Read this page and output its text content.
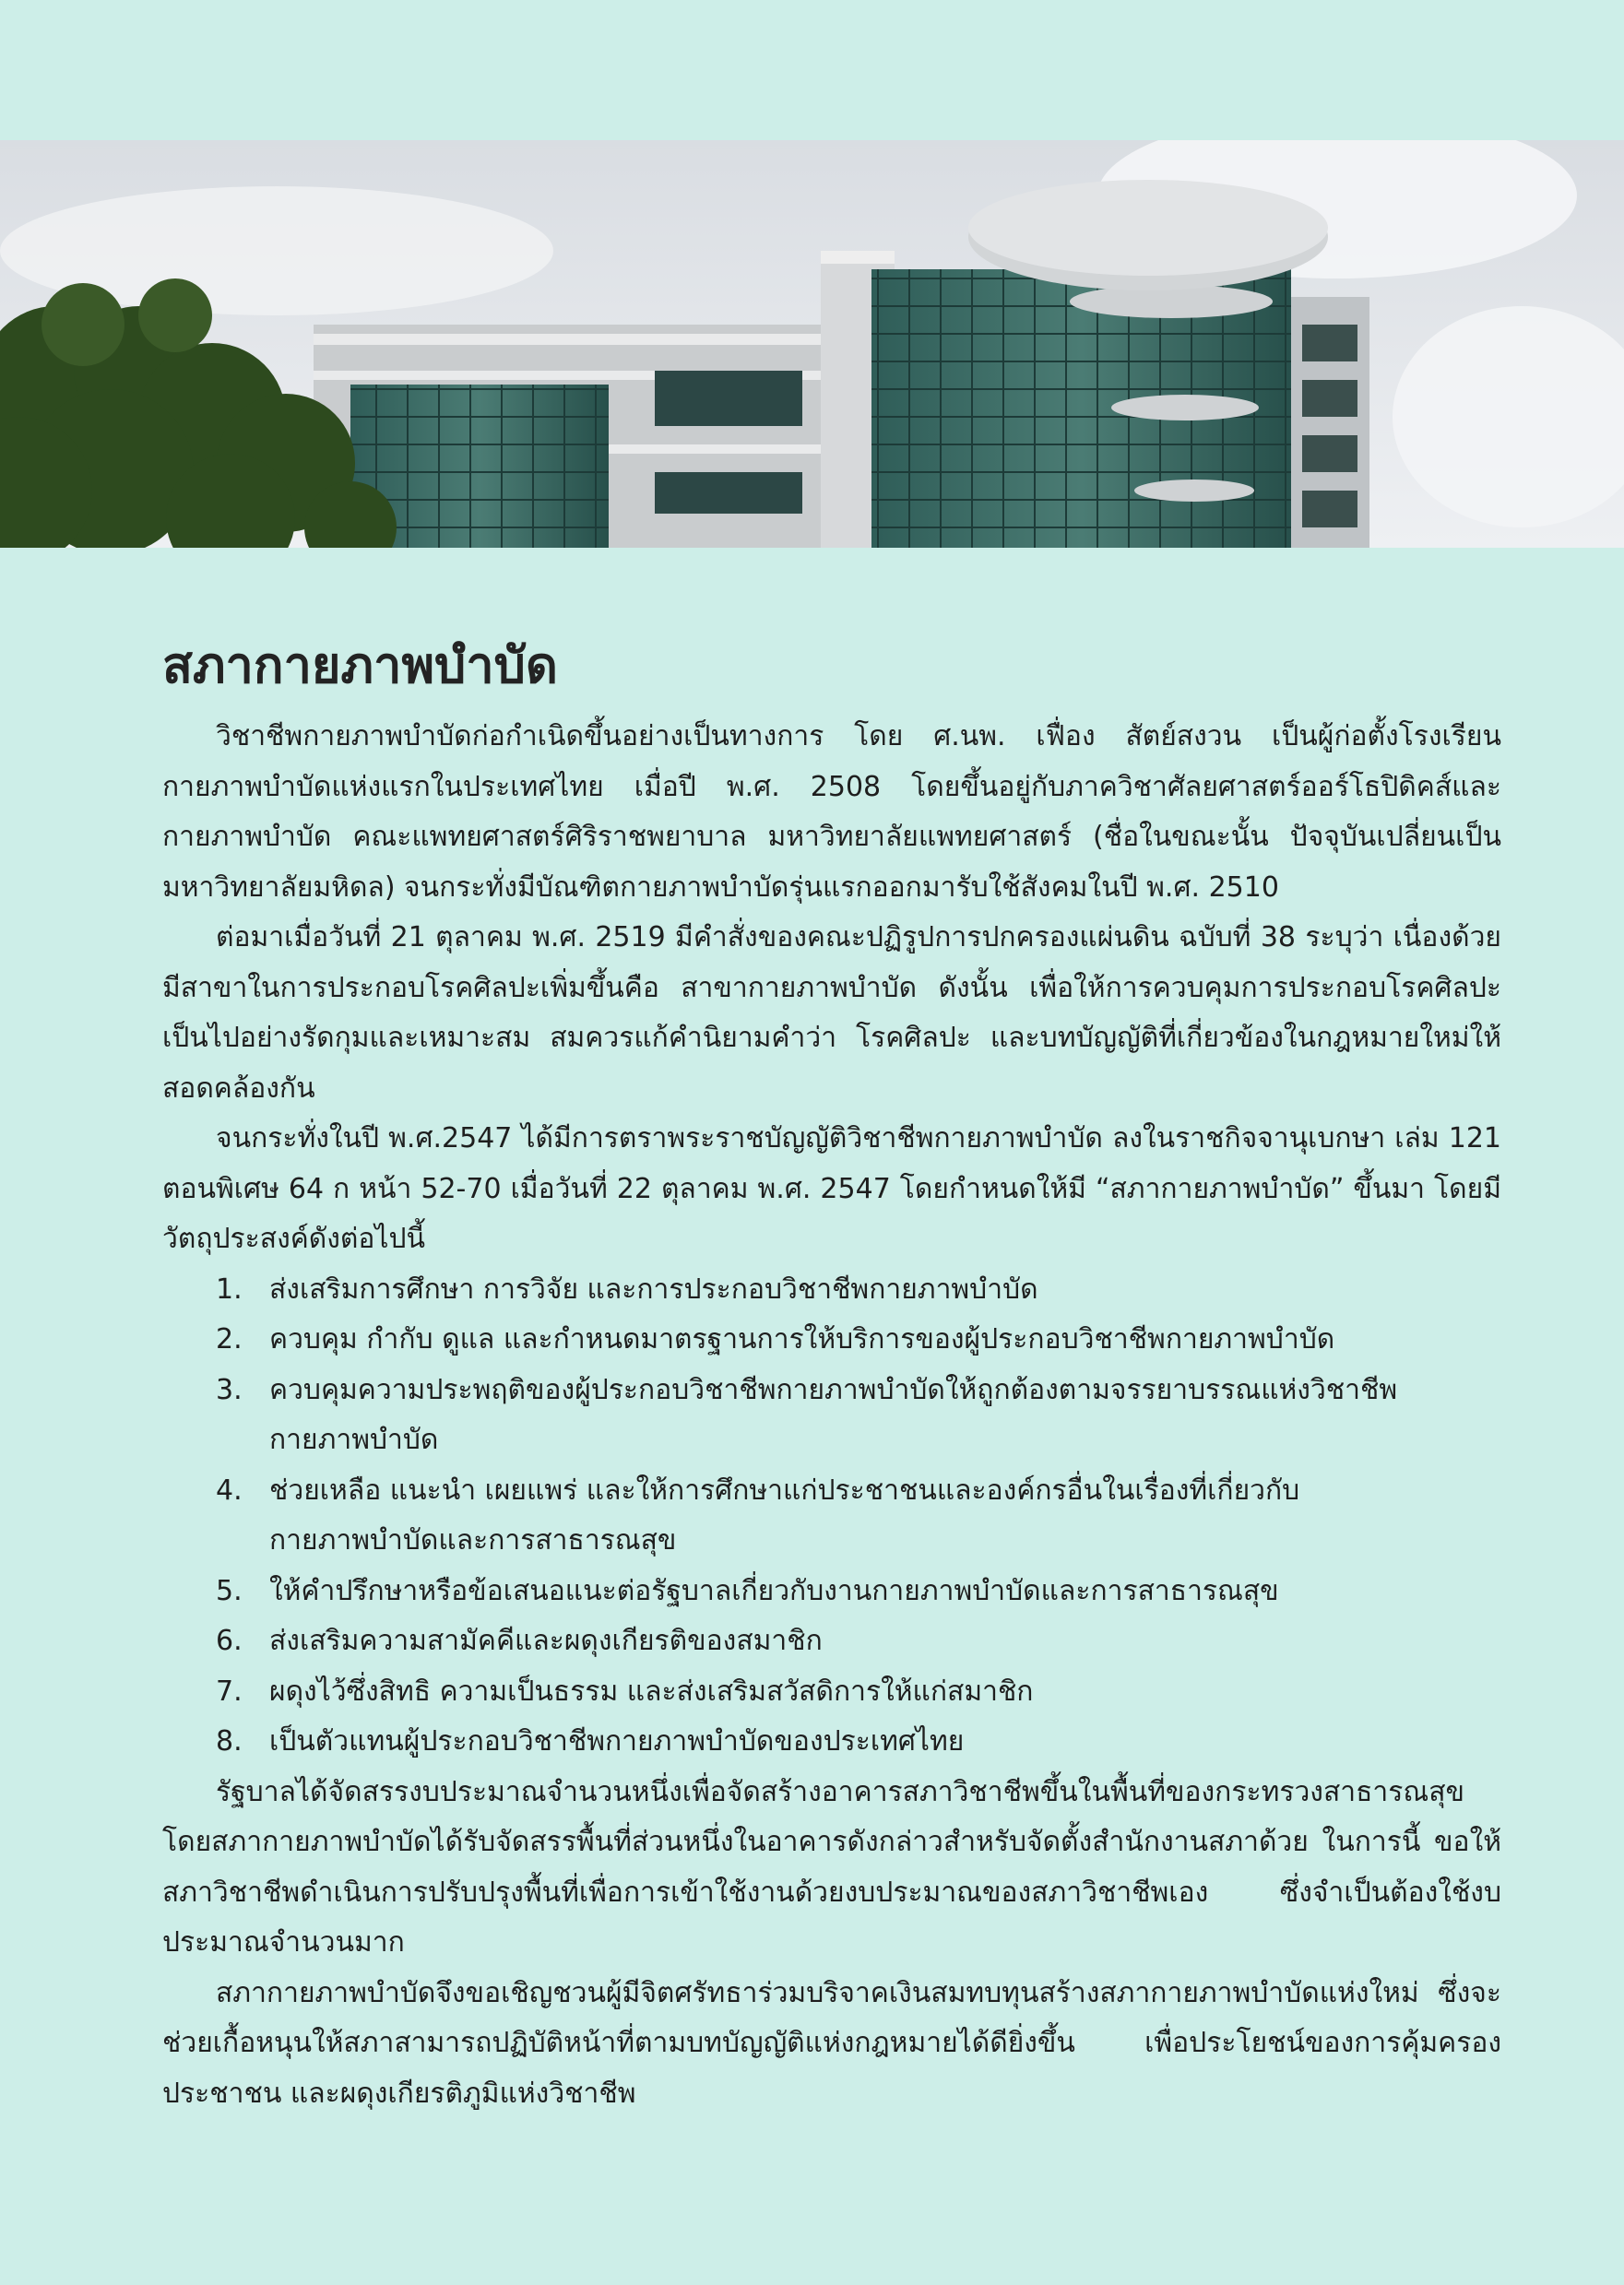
สภากายภาพบำบัด

วิชาชีพกายภาพบำบัดก่อกำเนิดขึ้นอย่างเป็นทางการ โดย ศ.นพ. เฟื่อง สัตย์สงวน เป็นผู้ก่อตั้งโรงเรียนกายภาพบำบัดแห่งแรกในประเทศไทย เมื่อปี พ.ศ. 2508 โดยขึ้นอยู่กับภาควิชาศัลยศาสตร์ออร์โธปิดิคส์และกายภาพบำบัด คณะแพทยศาสตร์ศิริราชพยาบาล มหาวิทยาลัยแพทยศาสตร์ (ชื่อในขณะนั้น ปัจจุบันเปลี่ยนเป็นมหาวิทยาลัยมหิดล) จนกระทั่งมีบัณฑิตกายภาพบำบัดรุ่นแรกออกมารับใช้สังคมในปี พ.ศ. 2510

ต่อมาเมื่อวันที่ 21 ตุลาคม พ.ศ. 2519 มีคำสั่งของคณะปฏิรูปการปกครองแผ่นดิน ฉบับที่ 38 ระบุว่า เนื่องด้วยมีสาขาในการประกอบโรคศิลปะเพิ่มขึ้นคือ สาขากายภาพบำบัด ดังนั้น เพื่อให้การควบคุมการประกอบโรคศิลปะเป็นไปอย่างรัดกุมและเหมาะสม สมควรแก้คำนิยามคำว่า โรคศิลปะ และบทบัญญัติที่เกี่ยวข้องในกฎหมายใหม่ให้สอดคล้องกัน

จนกระทั่งในปี พ.ศ.2547 ได้มีการตราพระราชบัญญัติวิชาชีพกายภาพบำบัด ลงในราชกิจจานุเบกษา เล่ม 121 ตอนพิเศษ 64 ก หน้า 52-70 เมื่อวันที่ 22 ตุลาคม พ.ศ. 2547 โดยกำหนดให้มี “สภากายภาพบำบัด” ขึ้นมา โดยมีวัตถุประสงค์ดังต่อไปนี้

1. ส่งเสริมการศึกษา การวิจัย และการประกอบวิชาชีพกายภาพบำบัด
2. ควบคุม กำกับ ดูแล และกำหนดมาตรฐานการให้บริการของผู้ประกอบวิชาชีพกายภาพบำบัด
3. ควบคุมความประพฤติของผู้ประกอบวิชาชีพกายภาพบำบัดให้ถูกต้องตามจรรยาบรรณแห่งวิชาชีพกายภาพบำบัด
4. ช่วยเหลือ แนะนำ เผยแพร่ และให้การศึกษาแก่ประชาชนและองค์กรอื่นในเรื่องที่เกี่ยวกับกายภาพบำบัดและการสาธารณสุข
5. ให้คำปรึกษาหรือข้อเสนอแนะต่อรัฐบาลเกี่ยวกับงานกายภาพบำบัดและการสาธารณสุข
6. ส่งเสริมความสามัคคีและผดุงเกียรติของสมาชิก
7. ผดุงไว้ซึ่งสิทธิ ความเป็นธรรม และส่งเสริมสวัสดิการให้แก่สมาชิก
8. เป็นตัวแทนผู้ประกอบวิชาชีพกายภาพบำบัดของประเทศไทย

รัฐบาลได้จัดสรรงบประมาณจำนวนหนึ่งเพื่อจัดสร้างอาคารสภาวิชาชีพขึ้นในพื้นที่ของกระทรวงสาธารณสุข โดยสภากายภาพบำบัดได้รับจัดสรรพื้นที่ส่วนหนึ่งในอาคารดังกล่าวสำหรับจัดตั้งสำนักงานสภาด้วย ในการนี้ ขอให้สภาวิชาชีพดำเนินการปรับปรุงพื้นที่เพื่อการเข้าใช้งานด้วยงบประมาณของสภาวิชาชีพเอง ซึ่งจำเป็นต้องใช้งบประมาณจำนวนมาก

สภากายภาพบำบัดจึงขอเชิญชวนผู้มีจิตศรัทธาร่วมบริจาคเงินสมทบทุนสร้างสภากายภาพบำบัดแห่งใหม่ ซึ่งจะช่วยเกื้อหนุนให้สภาสามารถปฏิบัติหน้าที่ตามบทบัญญัติแห่งกฎหมายได้ดียิ่งขึ้น เพื่อประโยชน์ของการคุ้มครองประชาชน และผดุงเกียรติภูมิแห่งวิชาชีพ
